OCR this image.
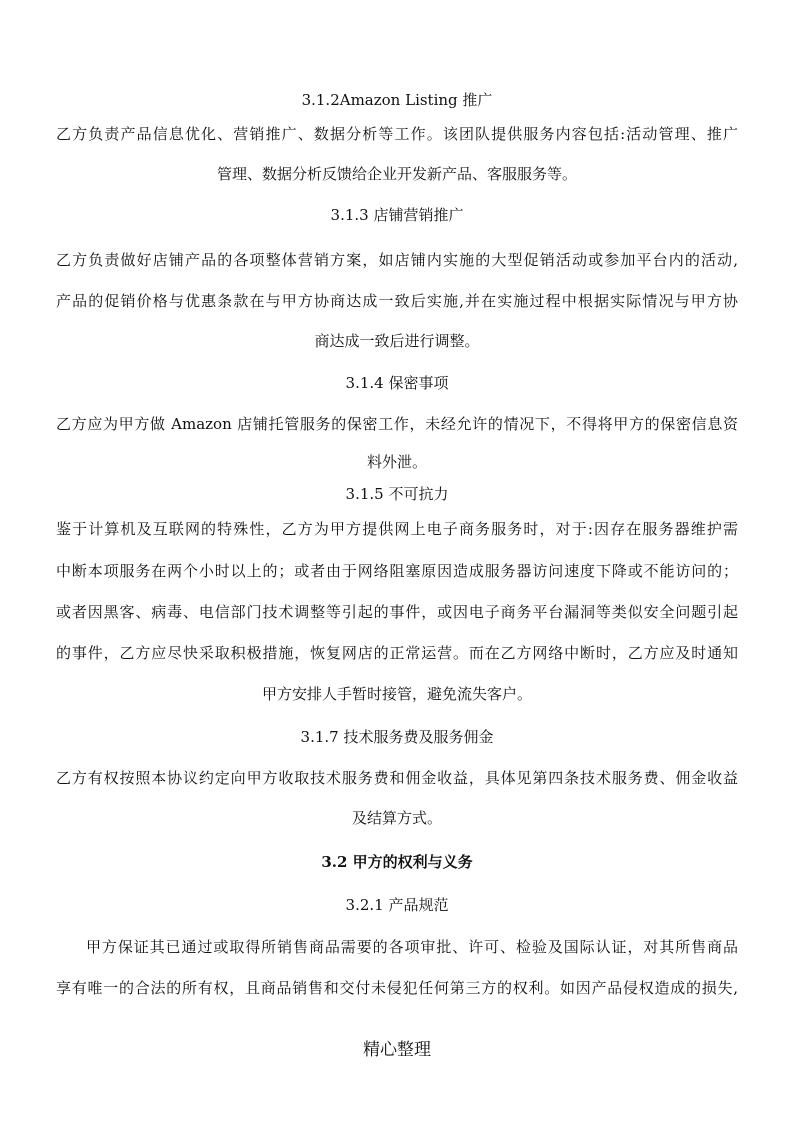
3.1.2Amazon Listing 推广
乙方负责产品信息优化、营销推广、数据分析等工作。该团队提供服务内容包括:活动管理、推广
管理、数据分析反馈给企业开发新产品、客服服务等。
3.1.3 店铺营销推广
乙方负责做好店铺产品的各项整体营销方案，如店铺内实施的大型促销活动或参加平台内的活动,
产品的促销价格与优惠条款在与甲方协商达成一致后实施,并在实施过程中根据实际情况与甲方协
商达成一致后进行调整。
3.1.4 保密事项
乙方应为甲方做 Amazon 店铺托管服务的保密工作，未经允许的情况下，不得将甲方的保密信息资
料外泄。
3.1.5 不可抗力
鉴于计算机及互联网的特殊性，乙方为甲方提供网上电子商务服务时，对于:因存在服务器维护需
中断本项服务在两个小时以上的；或者由于网络阻塞原因造成服务器访问速度下降或不能访问的；
或者因黑客、病毒、电信部门技术调整等引起的事件，或因电子商务平台漏洞等类似安全问题引起
的事件，乙方应尽快采取积极措施，恢复网店的正常运营。而在乙方网络中断时，乙方应及时通知
甲方安排人手暂时接管，避免流失客户。
3.1.7 技术服务费及服务佣金
乙方有权按照本协议约定向甲方收取技术服务费和佣金收益，具体见第四条技术服务费、佣金收益
及结算方式。
3.2 甲方的权利与义务
3.2.1 产品规范
甲方保证其已通过或取得所销售商品需要的各项审批、许可、检验及国际认证，对其所售商品
享有唯一的合法的所有权，且商品销售和交付未侵犯任何第三方的权利。如因产品侵权造成的损失,
精心整理
